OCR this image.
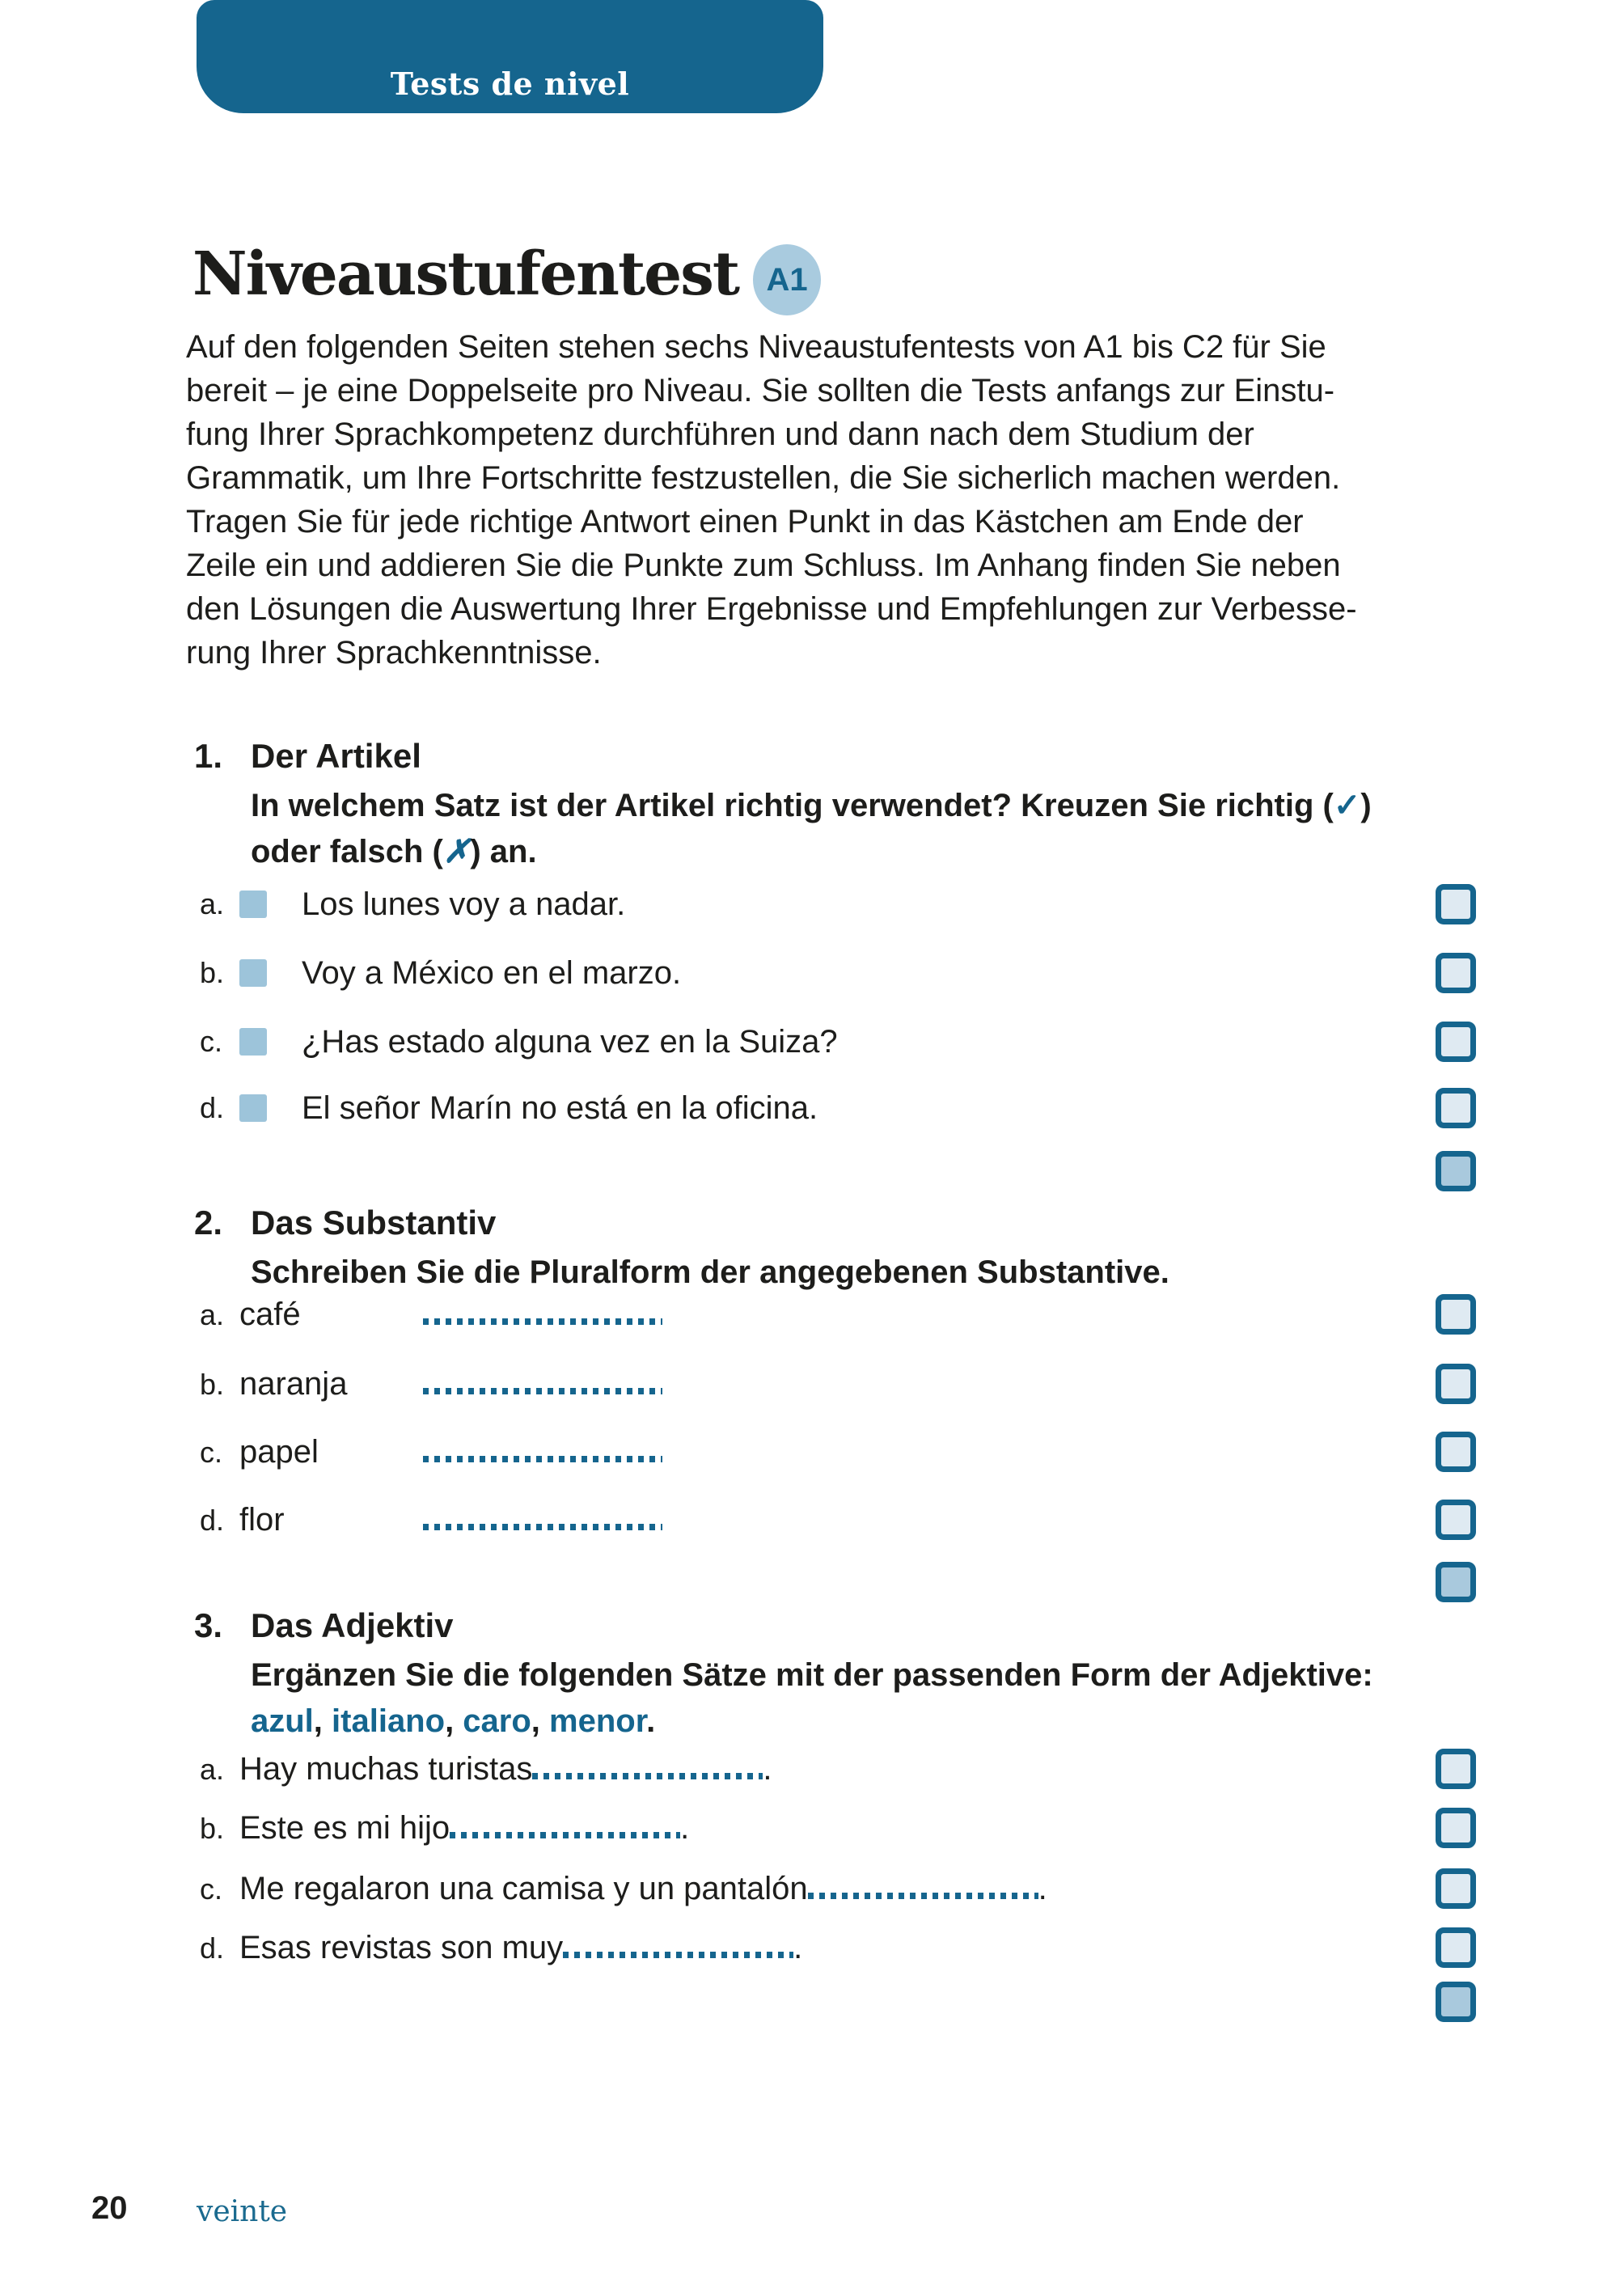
Tests de nivel
Niveaustufentest A1
Auf den folgenden Seiten stehen sechs Niveaustufentests von A1 bis C2 für Sie
bereit – je eine Doppelseite pro Niveau. Sie sollten die Tests anfangs zur Einstu-
fung Ihrer Sprachkompetenz durchführen und dann nach dem Studium der
Grammatik, um Ihre Fortschritte festzustellen, die Sie sicherlich machen werden.
Tragen Sie für jede richtige Antwort einen Punkt in das Kästchen am Ende der
Zeile ein und addieren Sie die Punkte zum Schluss. Im Anhang finden Sie neben
den Lösungen die Auswertung Ihrer Ergebnisse und Empfehlungen zur Verbesse-
rung Ihrer Sprachkenntnisse.
1. Der Artikel
In welchem Satz ist der Artikel richtig verwendet? Kreuzen Sie richtig (✓)
oder falsch (✗) an.
a.	Los lunes voy a nadar.
b.	Voy a México en el marzo.
c.	¿Has estado alguna vez en la Suiza?
d.	El señor Marín no está en la oficina.
2. Das Substantiv
Schreiben Sie die Pluralform der angegebenen Substantive.
a. café
b. naranja
c. papel
d. flor
3. Das Adjektiv
Ergänzen Sie die folgenden Sätze mit der passenden Form der Adjektive:
azul, italiano, caro, menor.
a. Hay muchas turistas	.
b. Este es mi hijo	.
c. Me regalaron una camisa y un pantalón	.
d. Esas revistas son muy	.
20 veinte
